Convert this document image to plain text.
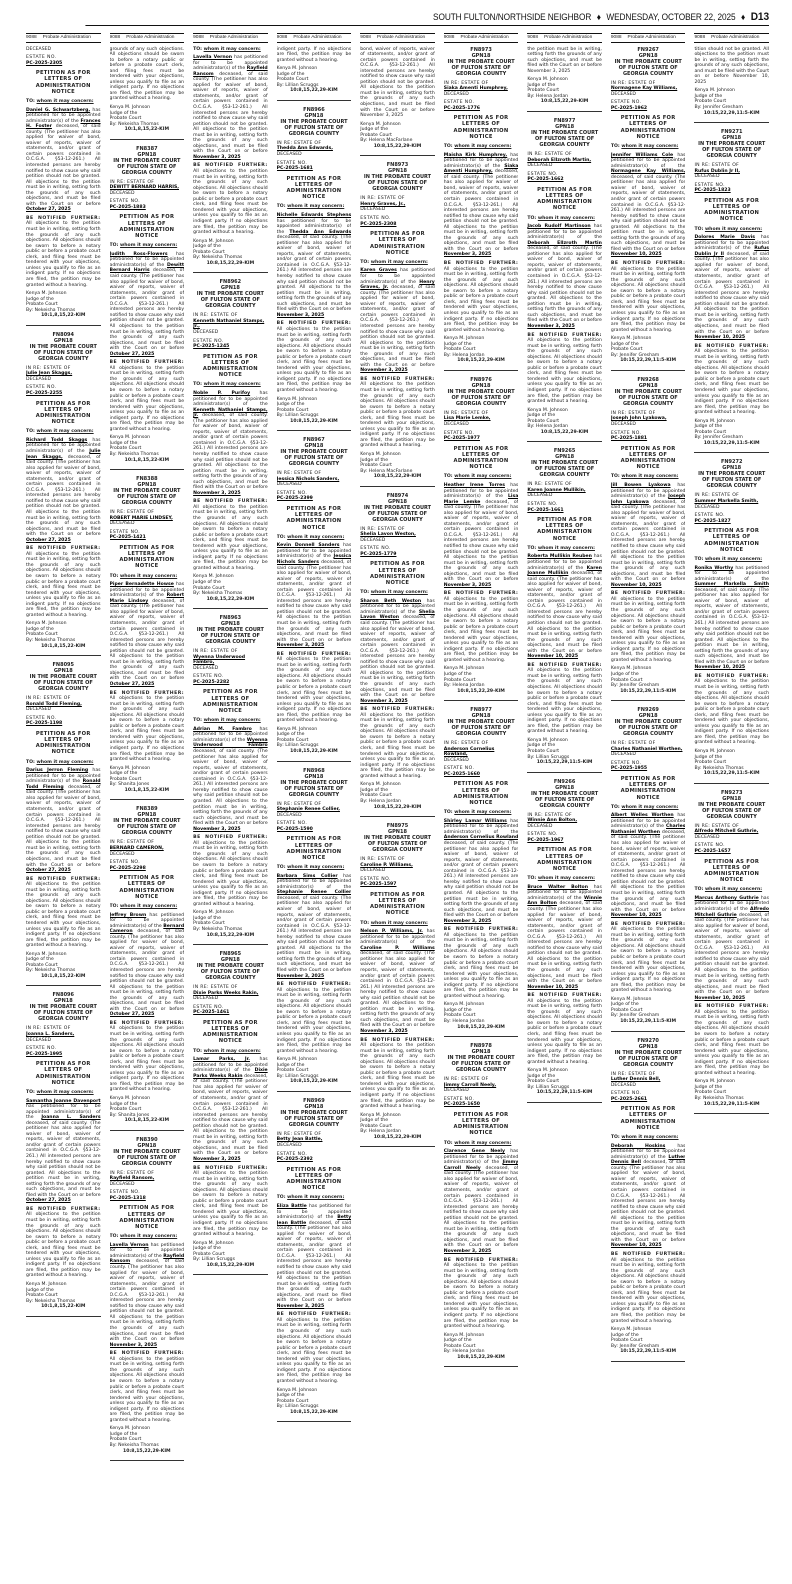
SOUTH FULTON/NORTHSIDE NEIGHBOR ♦ WEDNESDAY, OCTOBER 22, 2025 ♦ D13
9088 Probate Administration

DECEASED

ESTATE NO.
PC-2025-2305
PETITION AS FOR LETTERS OF ADMINISTRATION NOTICE

TO: whom it may concern:

Daniel G. Schwartzberg, has petitioned for to be appointed administrator(s) of the Frances H. Foster deceased, of said county. (The petitioner has also applied for waiver of bond, waiver of reports, waiver of statements, and/or grant of certain powers contained in O.C.G.A. §53-12-261.) All interested persons are hereby notified to show cause why said petition should not be granted. All objections to the petition must be in writing, setting forth the grounds of any such objections, and must be filed with the Court on or before October 27, 2025

BE NOTIFIED FURTHER: All objections to the petition must be in writing, setting forth the grounds of any such objections. All objections should be sworn to before a notary public or before a probate court clerk, and filing fees must be tendered with your objections, unless you qualify to file as an indigent party. If no objections are filed, the petition may be granted without a hearing.

Kenya M. Johnson
Judge of the
Probate Court
By: Nekeisha Thomas
10:1,8,15,22-KIM
FN8094
GPN18
IN THE PROBATE COURT OF FULTON STATE OF GEORGIA COUNTY
IN RE: ESTATE OF
Julie Jean Skaggs,
DECEASED
ESTATE NO.
PC-2025-2255
PETITION AS FOR LETTERS OF ADMINISTRATION NOTICE

TO: whom it may concern:

Richard Todd Skaggs has petitioned for to be appointed administrator(s) of the Julie Jean Skaggs, deceased, of said county. (The petitioner has also applied for waiver of bond, waiver of reports, waiver of statements, and/or grant of certain powers contained in O.C.G.A. §53-12-261.) All interested persons are hereby notified to show cause why said petition should not be granted. All objections to the petition must be in writing, setting forth the grounds of any such objections, and must be filed with the Court on or before October 27, 2025

BE NOTIFIED FURTHER: All objections to the petition must be in writing, setting forth the grounds of any such objections. All objections should be sworn to before a notary public or before a probate court clerk, and filing fees must be tendered with your objections, unless you qualify to file as an indigent party. If no objections are filed, the petition may be granted without a hearing.

Kenya M. Johnson
Judge of the
Probate Court
By: Nekeisha Thomas
10:1,8,15,22-KIM
FN8095
GPN18
IN THE PROBATE COURT OF FULTON STATE OF GEORGIA COUNTY
IN RE: ESTATE OF
Ronald Todd Fleming,
DECEASED
ESTATE NO.
PC-2025-1198
PETITION AS FOR LETTERS OF ADMINISTRATION NOTICE

TO: whom it may concern:

Darius Jerron Fleming has petitioned for to be appointed administrator(s) of the Ronald Todd Fleming deceased, of said county. (The petitioner has also applied for waiver of bond, waiver of reports, waiver of statements, and/or grant of certain powers contained in O.C.G.A. §53-12-261.) All interested persons are hereby notified to show cause why said petition should not be granted. All objections to the petition must be in writing, setting forth the grounds of any such objections, and must be filed with the Court on or before October 27, 2025

BE NOTIFIED FURTHER: All objections to the petition must be in writing, setting forth the grounds of any such objections. All objections should be sworn to before a notary public or before a probate court clerk, and filing fees must be tendered with your objections, unless you qualify to file as an indigent party. If no objections are filed, the petition may be granted without a hearing.

Kenya M. Johnson
Judge of the
Probate Court
By: Nekeisha Thomas
10:1,8,15,22-KIM
FN8096
GPN18
IN THE PROBATE COURT OF FULTON STATE OF GEORGIA COUNTY
IN RE: ESTATE OF
Joanna L. Sanders,
DECEASED
ESTATE NO.
PC-2025-1995
PETITION AS FOR LETTERS OF ADMINISTRATION NOTICE

TO: whom it may concern:

Samantha Joanne Davenport has petitioned for to be appointed administrator(s) of the Joanna L. Sanders deceased, of said county. (The petitioner has also applied for waiver of bond, waiver of reports, waiver of statements, and/or grant of certain powers contained in O.C.G.A. §53-12-261.) All interested persons are hereby notified to show cause why said petition should not be granted. All objections to the petition must be in writing, setting forth the grounds of any such objections, and must be filed with the Court on or before October 27, 2025

BE NOTIFIED FURTHER: All objections to the petition must be in writing, setting forth the grounds of any such objections. All objections should be sworn to before a notary public or before a probate court clerk, and filing fees must be tendered with your objections, unless you qualify to file as an indigent party. If no objections are filed, the petition may be granted without a hearing.

Kenya M. Johnson
Judge of the
Probate Court
By: Nekeisha Thomas
10:1,8,15,22-KIM
9088 Probate Administration

grounds of any such objections. All objections should be sworn to before a notary public or before a probate court clerk, and filing fees must be tendered with your objections, unless you qualify to file as an indigent party. If no objections are filed, the petition may be granted without a hearing.

Kenya M. Johnson
Judge of the
Probate Court
By: Nekeisha Thomas
10:1,8,15,22-KIM
FN8387
GPN18
IN THE PROBATE COURT OF FULTON STATE OF GEORGIA COUNTY
IN RE: ESTATE OF
DEWITT BERNARD HARRIS,
DECEASED
ESTATE NO.
PC-2025-1883
PETITION AS FOR LETTERS OF ADMINISTRATION NOTICE

TO: whom it may concern:

Judith Ross-Flowers has petitioned for to be appointed administrator(s) of the Dewitt Bernard Harris deceased, of said county. (The petitioner has also applied for waiver of bond, waiver of reports, waiver of statements, and/or grant of certain powers contained in O.C.G.A. §53-12-261.) All interested persons are hereby notified to show cause why said petition should not be granted. All objections to the petition must be in writing, setting forth the grounds of any such objections, and must be filed with the Court on or before October 27, 2025

BE NOTIFIED FURTHER: All objections to the petition must be in writing, setting forth the grounds of any such objections. All objections should be sworn to before a notary public or before a probate court clerk, and filing fees must be tendered with your objections, unless you qualify to file as an indigent party. If no objections are filed, the petition may be granted without a hearing.

Kenya M. Johnson
Judge of the
Probate Court
By: Nekeisha Thomas
10:1,8,15,22-KIM
FN8388
GPN18
IN THE PROBATE COURT OF FULTON STATE OF GEORGIA COUNTY
IN RE: ESTATE OF
ROBERT MARIE LINDSEY,
DECEASED
ESTATE NO.
PC-2025-1421
PETITION AS FOR LETTERS OF ADMINISTRATION NOTICE

TO: whom it may concern:

Piper Bernadette Howse has petitioned for to be appointed administrator(s) of the Robert Marie Lindsey deceased, of said county. (The petitioner has also applied for waiver of bond, waiver of reports, waiver of statements, and/or grant of certain powers contained in O.C.G.A. §53-12-261.) All interested persons are hereby notified to show cause why said petition should not be granted. All objections to the petition must be in writing, setting forth the grounds of any such objections, and must be filed with the Court on or before October 27, 2025

BE NOTIFIED FURTHER: All objections to the petition must be in writing, setting forth the grounds of any such objections. All objections should be sworn to before a notary public or before a probate court clerk, and filing fees must be tendered with your objections, unless you qualify to file as an indigent party. If no objections are filed, the petition may be granted without a hearing.

Kenya M. Johnson
Judge of the
Probate Court
By: Shanita Jones
10:1,8,15,22-KIM
FN8389
GPN18
IN THE PROBATE COURT OF FULTON STATE OF GEORGIA COUNTY
IN RE: ESTATE OF
BERNARD CAMERON,
DECEASED
ESTATE NO.
PC-2025-2298
PETITION AS FOR LETTERS OF ADMINISTRATION NOTICE

TO: whom it may concern:

Jeffrey Brown has petitioned for to be appointed administrator(s) of the Bernard Cameron deceased, of said county. (The petitioner has also applied for waiver of bond, waiver of reports, waiver of statements, and/or grant of certain powers contained in O.C.G.A. §53-12-261.) All interested persons are hereby notified to show cause why said petition should not be granted. All objections to the petition must be in writing, setting forth the grounds of any such objections, and must be filed with the Court on or before October 27, 2025

BE NOTIFIED FURTHER: All objections to the petition must be in writing, setting forth the grounds of any such objections. All objections should be sworn to before a notary public or before a probate court clerk, and filing fees must be tendered with your objections, unless you qualify to file as an indigent party. If no objections are filed, the petition may be granted without a hearing.

Kenya M. Johnson
Judge of the
Probate Court
By: Shanita Jones
10:1,8,15,22-KIM
FN8390
GPN18
IN THE PROBATE COURT OF FULTON STATE OF GEORGIA COUNTY
IN RE: ESTATE OF
Rayfield Ransom,
DECEASED
ESTATE NO.
PC-2025-1318
PETITION AS FOR LETTERS OF ADMINISTRATION NOTICE

TO: whom it may concern:

Lavella Vernon has petitioned for to be appointed administrator(s) of the Rayfield Ransom deceased, of said county. (The petitioner has also applied for waiver of bond, waiver of reports, waiver of statements, and/or grant of certain powers contained in O.C.G.A. §53-12-261.) All interested persons are hereby notified to show cause why said petition should not be granted. All objections to the petition must be in writing, setting forth the grounds of any such objections, and must be filed with the Court on or before November 3, 2025

BE NOTIFIED FURTHER: All objections to the petition must be in writing, setting forth the grounds of any such objections. All objections should be sworn to before a notary public or before a probate court clerk, and filing fees must be tendered with your objections, unless you qualify to file as an indigent party. If no objections are filed, the petition may be granted without a hearing.

Kenya M. Johnson
Judge of the
Probate Court
By: Nekeisha Thomas
10:8,15,22,29-KIM
9088 Probate Administration

TO: whom it may concern:

Lavella Vernon has petitioned for to be appointed administrator(s) of the Rayfield Ransom deceased, of said county. (The petitioner has also applied for waiver of bond, waiver of reports, waiver of statements, and/or grant of certain powers contained in O.C.G.A. §53-12-261.) All interested persons are hereby notified to show cause why said petition should not be granted. All objections to the petition must be in writing, setting forth the grounds of any such objections, and must be filed with the Court on or before November 3, 2025

BE NOTIFIED FURTHER: All objections to the petition must be in writing, setting forth the grounds of any such objections. All objections should be sworn to before a notary public or before a probate court clerk, and filing fees must be tendered with your objections, unless you qualify to file as an indigent party. If no objections are filed, the petition may be granted without a hearing.

Kenya M. Johnson
Judge of the
Probate Court
By: Nekeisha Thomas
10:8,15,22,29-KIM
FN8962
GPN18
IN THE PROBATE COURT OF FULTON STATE OF GEORGIA COUNTY
IN RE: ESTATE OF
Kenneth Nathaniel Stamps, Jr.,
DECEASED
ESTATE NO.
PC-2025-1245
PETITION AS FOR LETTERS OF ADMINISTRATION NOTICE

TO: whom it may concern:

Noble P. Purifoy has petitioned for to be appointed administrator(s) of the Kenneth Nathaniel Stamps, Jr. deceased, of said county. (The petitioner has also applied for waiver of bond, waiver of reports, waiver of statements, and/or grant of certain powers contained in O.C.G.A. §53-12-261.) All interested persons are hereby notified to show cause why said petition should not be granted. All objections to the petition must be in writing, setting forth the grounds of any such objections, and must be filed with the Court on or before November 3, 2025

BE NOTIFIED FURTHER: All objections to the petition must be in writing, setting forth the grounds of any such objections. All objections should be sworn to before a notary public or before a probate court clerk, and filing fees must be tendered with your objections, unless you qualify to file as an indigent party. If no objections are filed, the petition may be granted without a hearing.

Kenya M. Johnson
Judge of the
Probate Court
By: Nekeisha Thomas
10:8,15,22,29-KIM
FN8963
GPN18
IN THE PROBATE COURT OF FULTON STATE OF GEORGIA COUNTY
IN RE: ESTATE OF
Wyenna Underwood Fambro,
DECEASED
ESTATE NO.
PC-2025-2282
PETITION AS FOR LETTERS OF ADMINISTRATION NOTICE

TO: whom it may concern:

Adrian M. Fambro has petitioned for to be appointed administrator(s) of the Wyenna Underwood Fambro deceased, of said county. (The petitioner has also applied for waiver of bond, waiver of reports, waiver of statements, and/or grant of certain powers contained in O.C.G.A. §53-12-261.) All interested persons are hereby notified to show cause why said petition should not be granted. All objections to the petition must be in writing, setting forth the grounds of any such objections, and must be filed with the Court on or before November 3, 2025

BE NOTIFIED FURTHER: All objections to the petition must be in writing, setting forth the grounds of any such objections. All objections should be sworn to before a notary public or before a probate court clerk, and filing fees must be tendered with your objections, unless you qualify to file as an indigent party. If no objections are filed, the petition may be granted without a hearing.

Kenya M. Johnson
Judge of the
Probate Court
By: Nekeisha Thomas
10:8,15,22,29-KIM
FN8965
GPN18
IN THE PROBATE COURT OF FULTON STATE OF GEORGIA COUNTY
IN RE: ESTATE OF
Dixie Parks Weeks Rakin,
DECEASED
ESTATE NO.
PC-2025-1461
PETITION AS FOR LETTERS OF ADMINISTRATION NOTICE

TO: whom it may concern:

Lamar Parks, Jr. has petitioned for to be appointed administrator(s) of the Dixie Parks Weeks Rakin deceased, of said county. (The petitioner has also applied for waiver of bond, waiver of reports, waiver of statements, and/or grant of certain powers contained in O.C.G.A. §53-12-261.) All interested persons are hereby notified to show cause why said petition should not be granted. All objections to the petition must be in writing, setting forth the grounds of any such objections, and must be filed with the Court on or before November 3, 2025

BE NOTIFIED FURTHER: All objections to the petition must be in writing, setting forth the grounds of any such objections. All objections should be sworn to before a notary public or before a probate court clerk, and filing fees must be tendered with your objections, unless you qualify to file as an indigent party. If no objections are filed, the petition may be granted without a hearing.

Kenya M. Johnson
Judge of the
Probate Court
By: Lillian Scruggs
10:8,15,22,29-KIM
9088 Probate Administration

indigent party. If no objections are filed, the petition may be granted without a hearing.

Kenya M. Johnson
Judge of the
Probate Court
By: Lillian Scruggs
10:8,15,22,29-KIM
FN8966
GPN18
IN THE PROBATE COURT OF FULTON STATE OF GEORGIA COUNTY
IN RE: ESTATE OF
Thedda Ann Edwards,
DECEASED
ESTATE NO.
PC-2025-1681
PETITION AS FOR LETTERS OF ADMINISTRATION NOTICE

TO: whom it may concern:

Nichelle Edwards Stephens has petitioned for to be appointed administrator(s) of the Thedda Ann Edwards deceased, of said county. (The petitioner has also applied for waiver of bond, waiver of reports, waiver of statements, and/or grant of certain powers contained in O.C.G.A. §53-12-261.) All interested persons are hereby notified to show cause why said petition should not be granted. All objections to the petition must be in writing, setting forth the grounds of any such objections, and must be filed with the Court on or before November 3, 2025

BE NOTIFIED FURTHER: All objections to the petition must be in writing, setting forth the grounds of any such objections. All objections should be sworn to before a notary public or before a probate court clerk, and filing fees must be tendered with your objections, unless you qualify to file as an indigent party. If no objections are filed, the petition may be granted without a hearing.

Kenya M. Johnson
Judge of the
Probate Court
By: Lillian Scruggs
10:8,15,22,29-KIM
FN8967
GPN18
IN THE PROBATE COURT OF FULTON STATE OF GEORGIA COUNTY
IN RE: ESTATE OF
Jessica Nichols Sanders,
DECEASED
ESTATE NO.
PC-2025-2399
PETITION AS FOR LETTERS OF ADMINISTRATION NOTICE

TO: whom it may concern:

Kevin Donnell Sanders has petitioned for to be appointed administrator(s) of the Jessica Nichols Sanders deceased, of said county. (The petitioner has also applied for waiver of bond, waiver of reports, waiver of statements, and/or grant of certain powers contained in O.C.G.A. §53-12-261.) All interested persons are hereby notified to show cause why said petition should not be granted. All objections to the petition must be in writing, setting forth the grounds of any such objections, and must be filed with the Court on or before November 3, 2025

BE NOTIFIED FURTHER: All objections to the petition must be in writing, setting forth the grounds of any such objections. All objections should be sworn to before a notary public or before a probate court clerk, and filing fees must be tendered with your objections, unless you qualify to file as an indigent party. If no objections are filed, the petition may be granted without a hearing.

Kenya M. Johnson
Judge of the
Probate Court
By: Lillian Scruggs
10:8,15,22,29-KIM
FN8968
GPN18
IN THE PROBATE COURT OF FULTON STATE OF GEORGIA COUNTY
IN RE: ESTATE OF
Stephanie Renee Collier,
DECEASED
ESTATE NO.
PC-2025-1590
PETITION AS FOR LETTERS OF ADMINISTRATION NOTICE

TO: whom it may concern:

Barbara Sims Collier has petitioned for to be appointed administrator(s) of the Stephanie Renee Collier deceased, of said county. (The petitioner has also applied for waiver of bond, waiver of reports, waiver of statements, and/or grant of certain powers contained in O.C.G.A. §53-12-261.) All interested persons are hereby notified to show cause why said petition should not be granted. All objections to the petition must be in writing, setting forth the grounds of any such objections, and must be filed with the Court on or before November 3, 2025

BE NOTIFIED FURTHER: All objections to the petition must be in writing, setting forth the grounds of any such objections. All objections should be sworn to before a notary public or before a probate court clerk, and filing fees must be tendered with your objections, unless you qualify to file as an indigent party. If no objections are filed, the petition may be granted without a hearing.

Kenya M. Johnson
Judge of the
Probate Court
By: Lillian Scruggs
10:8,15,22,29-KIM
FN8969
GPN18
IN THE PROBATE COURT OF FULTON STATE OF GEORGIA COUNTY
IN RE: ESTATE OF
Betty Jean Battle,
DECEASED
ESTATE NO.
PC-2025-2392
PETITION AS FOR LETTERS OF ADMINISTRATION NOTICE

TO: whom it may concern:

Eliza Battle has petitioned for to be appointed administrator(s) of the Betty Jean Battle deceased, of said county. (The petitioner has also applied for waiver of bond, waiver of reports, waiver of statements, and/or grant of certain powers contained in O.C.G.A. §53-12-261.) All interested persons are hereby notified to show cause why said petition should not be granted. All objections to the petition must be in writing, setting forth the grounds of any such objections, and must be filed with the Court on or before November 3, 2025

BE NOTIFIED FURTHER: All objections to the petition must be in writing, setting forth the grounds of any such objections. All objections should be sworn to before a notary public or before a probate court clerk, and filing fees must be tendered with your objections, unless you qualify to file as an indigent party. If no objections are filed, the petition may be granted without a hearing.

Kenya M. Johnson
Judge of the
Probate Court
By: Lillian Scruggs
10:8,15,22,29-KIM
9088 Probate Administration

bond, waiver of reports, waiver of statements, and/or grant of certain powers contained in O.C.G.A. §53-12-261.) All interested persons are hereby notified to show cause why said petition should not be granted. All objections to the petition must be in writing, setting forth the grounds of any such objections, and must be filed with the Court on or before November 3, 2025

Kenya M. Johnson
Judge of the
Probate Court
By: Helena MacFarlane
10:8,15,22,29-KIM
FN8973
GPN18
IN THE PROBATE COURT OF FULTON STATE OF GEORGIA COUNTY
IN RE: ESTATE OF
Henry Graves, Jr.,
DECEASED
ESTATE NO.
PC-2025-2308
PETITION AS FOR LETTERS OF ADMINISTRATION NOTICE

TO: whom it may concern:

Karen Graves has petitioned for to be appointed administrator(s) of the Henry Graves, Jr. deceased, of said county. (The petitioner has also applied for waiver of bond, waiver of reports, waiver of statements, and/or grant of certain powers contained in O.C.G.A. §53-12-261.) All interested persons are hereby notified to show cause why said petition should not be granted. All objections to the petition must be in writing, setting forth the grounds of any such objections, and must be filed with the Court on or before November 3, 2025

BE NOTIFIED FURTHER: All objections to the petition must be in writing, setting forth the grounds of any such objections. All objections should be sworn to before a notary public or before a probate court clerk, and filing fees must be tendered with your objections, unless you qualify to file as an indigent party. If no objections are filed, the petition may be granted without a hearing.

Kenya M. Johnson
Judge of the
Probate Court
By: Helena MacFarlane
10:8,15,22,29-KIM
FN8974
GPN18
IN THE PROBATE COURT OF FULTON STATE OF GEORGIA COUNTY
IN RE: ESTATE OF
Shelia Lavon Weston,
DECEASED
ESTATE NO.
PC-2025-1779
PETITION AS FOR LETTERS OF ADMINISTRATION NOTICE

TO: whom it may concern:

Sharon Beth Weston has petitioned for to be appointed administrator(s) of the Shelia Lavon Weston deceased, of said county. (The petitioner has also applied for waiver of bond, waiver of reports, waiver of statements, and/or grant of certain powers contained in O.C.G.A. §53-12-261.) All interested persons are hereby notified to show cause why said petition should not be granted. All objections to the petition must be in writing, setting forth the grounds of any such objections, and must be filed with the Court on or before November 3, 2025

BE NOTIFIED FURTHER: All objections to the petition must be in writing, setting forth the grounds of any such objections. All objections should be sworn to before a notary public or before a probate court clerk, and filing fees must be tendered with your objections, unless you qualify to file as an indigent party. If no objections are filed, the petition may be granted without a hearing.

Kenya M. Johnson
Judge of the
Probate Court
By: Helena Jordan
10:8,15,22,29-KIM
FN8975
GPN18
IN THE PROBATE COURT OF FULTON STATE OF GEORGIA COUNTY
IN RE: ESTATE OF
Caroline P. Williams,
DECEASED
ESTATE NO.
PC-2025-1597
PETITION AS FOR LETTERS OF ADMINISTRATION NOTICE

TO: whom it may concern:

Nelson P. Williams, Jr. has petitioned for to be appointed administrator(s) of the Caroline P. Williams deceased, of said county. (The petitioner has also applied for waiver of bond, waiver of reports, waiver of statements, and/or grant of certain powers contained in O.C.G.A. §53-12-261.) All interested persons are hereby notified to show cause why said petition should not be granted. All objections to the petition must be in writing, setting forth the grounds of any such objections, and must be filed with the Court on or before November 3, 2025

BE NOTIFIED FURTHER: All objections to the petition must be in writing, setting forth the grounds of any such objections. All objections should be sworn to before a notary public or before a probate court clerk, and filing fees must be tendered with your objections, unless you qualify to file as an indigent party. If no objections are filed, the petition may be granted without a hearing.

Kenya M. Johnson
Judge of the
Probate Court
By: Helena Jordan
10:8,15,22,29-KIM
9088 Probate Administration
FN8973
GPN18
IN THE PROBATE COURT OF FULTON STATE OF GEORGIA COUNTY
IN RE: ESTATE OF
Siaka Amenti Humphrey,
DECEASED
ESTATE NO.
PC-2025-1776
PETITION AS FOR LETTERS OF ADMINISTRATION NOTICE

TO: whom it may concern:

Maisha Kirk Humphrey, has petitioned for to be appointed administrator(s) of the Siaka Amenti Humphrey, deceased, of said county. (The petitioner has also applied for waiver of bond, waiver of reports, waiver of statements, and/or grant of certain powers contained in O.C.G.A. §53-12-261.) All interested persons are hereby notified to show cause why said petition should not be granted. All objections to the petition must be in writing, setting forth the grounds of any such objections, and must be filed with the Court on or before November 3, 2025

BE NOTIFIED FURTHER: All objections to the petition must be in writing, setting forth the grounds of any such objections. All objections should be sworn to before a notary public or before a probate court clerk, and filing fees must be tendered with your objections, unless you qualify to file as an indigent party. If no objections are filed, the petition may be granted without a hearing.

Kenya M. Johnson
Judge of the
Probate Court
By: Helena Jordan
10:8,15,22,29-KIM
FN8976
GPN18
IN THE PROBATE COURT OF FULTON STATE OF GEORGIA COUNTY
IN RE: ESTATE OF
Lisa Marie Lemke,
DECEASED
ESTATE NO.
PC-2025-1977
PETITION AS FOR LETTERS OF ADMINISTRATION NOTICE

TO: whom it may concern:

Heather Irene Torres has petitioned for to be appointed administrator(s) of the Lisa Marie Lemke deceased, of said county. (The petitioner has also applied for waiver of bond, waiver of reports, waiver of statements, and/or grant of certain powers contained in O.C.G.A. §53-12-261.) All interested persons are hereby notified to show cause why said petition should not be granted. All objections to the petition must be in writing, setting forth the grounds of any such objections, and must be filed with the Court on or before November 3, 2025

BE NOTIFIED FURTHER: All objections to the petition must be in writing, setting forth the grounds of any such objections. All objections should be sworn to before a notary public or before a probate court clerk, and filing fees must be tendered with your objections, unless you qualify to file as an indigent party. If no objections are filed, the petition may be granted without a hearing.

Kenya M. Johnson
Judge of the
Probate Court
By: Helena Jordan
10:8,15,22,29-KIM
FN8977
GPN18
IN THE PROBATE COURT OF FULTON STATE OF GEORGIA COUNTY
IN RE: ESTATE OF
Anderson Cornelius Rowland,
DECEASED
ESTATE NO.
PC-2025-1660
PETITION AS FOR LETTERS OF ADMINISTRATION NOTICE

TO: whom it may concern:

Shirley Lamar Williams has petitioned for to be appointed administrator(s) of the Anderson Cornelius Rowland deceased, of said county. (The petitioner has also applied for waiver of bond, waiver of reports, waiver of statements, and/or grant of certain powers contained in O.C.G.A. §53-12-261.) All interested persons are hereby notified to show cause why said petition should not be granted. All objections to the petition must be in writing, setting forth the grounds of any such objections, and must be filed with the Court on or before November 3, 2025

BE NOTIFIED FURTHER: All objections to the petition must be in writing, setting forth the grounds of any such objections. All objections should be sworn to before a notary public or before a probate court clerk, and filing fees must be tendered with your objections, unless you qualify to file as an indigent party. If no objections are filed, the petition may be granted without a hearing.

Kenya M. Johnson
Judge of the
Probate Court
By: Helena Jordan
10:8,15,22,29-KIM
FN8978
GPN18
IN THE PROBATE COURT OF FULTON STATE OF GEORGIA COUNTY
IN RE: ESTATE OF
Jimmy Carroll Neely,
DECEASED
ESTATE NO.
PC-2025-1650
PETITION AS FOR LETTERS OF ADMINISTRATION NOTICE

TO: whom it may concern:

Clarence Gene Neely has petitioned for to be appointed administrator(s) of the Jimmy Carroll Neely deceased, of said county. (The petitioner has also applied for waiver of bond, waiver of reports, waiver of statements, and/or grant of certain powers contained in O.C.G.A. §53-12-261.) All interested persons are hereby notified to show cause why said petition should not be granted. All objections to the petition must be in writing, setting forth the grounds of any such objections, and must be filed with the Court on or before November 3, 2025

BE NOTIFIED FURTHER: All objections to the petition must be in writing, setting forth the grounds of any such objections. All objections should be sworn to before a notary public or before a probate court clerk, and filing fees must be tendered with your objections, unless you qualify to file as an indigent party. If no objections are filed, the petition may be granted without a hearing.

Kenya M. Johnson
Judge of the
Probate Court
By: Helena Jordan
10:8,15,22,29-KIM
9088 Probate Administration

the petition must be in writing, setting forth the grounds of any such objections, and must be filed with the Court on or before November 3, 2025

Kenya M. Johnson
Judge of the
Probate Court
By: Helena Jordan
10:8,15,22,29-KIM
FN8977
GPN18
IN THE PROBATE COURT OF FULTON STATE OF GEORGIA COUNTY
IN RE: ESTATE OF
Deborah Ellzroth Martin,
DECEASED
ESTATE NO.
PC-2025-1662
PETITION AS FOR LETTERS OF ADMINISTRATION NOTICE

TO: whom it may concern:

Jacob Rudolf Martinson has petitioned for to be appointed administrator(s) of the Deborah Ellzroth Martin deceased, of said county. (The petitioner has also applied for waiver of bond, waiver of reports, waiver of statements, and/or grant of certain powers contained in O.C.G.A. §53-12-261.) All interested persons are hereby notified to show cause why said petition should not be granted. All objections to the petition must be in writing, setting forth the grounds of any such objections, and must be filed with the Court on or before November 3, 2025

BE NOTIFIED FURTHER: All objections to the petition must be in writing, setting forth the grounds of any such objections. All objections should be sworn to before a notary public or before a probate court clerk, and filing fees must be tendered with your objections, unless you qualify to file as an indigent party. If no objections are filed, the petition may be granted without a hearing.

Kenya M. Johnson
Judge of the
Probate Court
By: Helena Jordan
10:8,15,22,29-KIM
FN9265
GPN18
IN THE PROBATE COURT OF FULTON STATE OF GEORGIA COUNTY
IN RE: ESTATE OF
Karen Joanne Mullikin,
DECEASED
ESTATE NO.
PC-2025-1661
PETITION AS FOR LETTERS OF ADMINISTRATION NOTICE

TO: whom it may concern:

Roberta Mullikin Reuben has petitioned for to be appointed administrator(s) of the Karen Joanne Mullikin deceased, of said county. (The petitioner has also applied for waiver of bond, waiver of reports, waiver of statements, and/or grant of certain powers contained in O.C.G.A. §53-12-261.) All interested persons are hereby notified to show cause why said petition should not be granted. All objections to the petition must be in writing, setting forth the grounds of any such objections, and must be filed with the Court on or before November 10, 2025

BE NOTIFIED FURTHER: All objections to the petition must be in writing, setting forth the grounds of any such objections. All objections should be sworn to before a notary public or before a probate court clerk, and filing fees must be tendered with your objections, unless you qualify to file as an indigent party. If no objections are filed, the petition may be granted without a hearing.

Kenya M. Johnson
Judge of the
Probate Court
By: Lillian Scruggs
10:15,22,29,11:5-KIM
FN9266
GPN18
IN THE PROBATE COURT OF FULTON STATE OF GEORGIA COUNTY
IN RE: ESTATE OF
Winnie Ann Bolton,
DECEASED
ESTATE NO.
PC-2025-1967
PETITION AS FOR LETTERS OF ADMINISTRATION NOTICE

TO: whom it may concern:

Bruce Walter Bolton has petitioned for to be appointed administrator(s) of the Winnie Ann Bolton deceased, of said county. (The petitioner has also applied for waiver of bond, waiver of reports, waiver of statements, and/or grant of certain powers contained in O.C.G.A. §53-12-261.) All interested persons are hereby notified to show cause why said petition should not be granted. All objections to the petition must be in writing, setting forth the grounds of any such objections, and must be filed with the Court on or before November 10, 2025

BE NOTIFIED FURTHER: All objections to the petition must be in writing, setting forth the grounds of any such objections. All objections should be sworn to before a notary public or before a probate court clerk, and filing fees must be tendered with your objections, unless you qualify to file as an indigent party. If no objections are filed, the petition may be granted without a hearing.

Kenya M. Johnson
Judge of the
Probate Court
By: Lillian Scruggs
10:15,22,29,11:5-KIM
9088 Probate Administration
FN9267
GPN18
IN THE PROBATE COURT OF FULTON STATE OF GEORGIA COUNTY
IN RE: ESTATE OF
Normagene Kay Williams,
DECEASED
ESTATE NO.
PC-2025-1962
PETITION AS FOR LETTERS OF ADMINISTRATION NOTICE

TO: whom it may concern:

Jennifer Williams Cole has petitioned for to be appointed administrator(s) of the Normagene Kay Williams, deceased, of said county. (The petitioner has also applied for waiver of bond, waiver of reports, waiver of statements, and/or grant of certain powers contained in O.C.G.A. §53-12-261.) All interested persons are hereby notified to show cause why said petition should not be granted. All objections to the petition must be in writing, setting forth the grounds of any such objections, and must be filed with the Court on or before November 10, 2025

BE NOTIFIED FURTHER: All objections to the petition must be in writing, setting forth the grounds of any such objections. All objections should be sworn to before a notary public or before a probate court clerk, and filing fees must be tendered with your objections, unless you qualify to file as an indigent party. If no objections are filed, the petition may be granted without a hearing.

Kenya M. Johnson
Judge of the
Probate Court
By: Jennifer Gresham
10:15,22,29,11:5-KIM
FN9268
GPN18
IN THE PROBATE COURT OF FULTON STATE OF GEORGIA COUNTY
IN RE: ESTATE OF
Joseph John Lyakowa,
DECEASED
ESTATE NO.
PC-2025-1881
PETITION AS FOR LETTERS OF ADMINISTRATION NOTICE

TO: whom it may concern:

Jill Bowen Lyakowa has petitioned for to be appointed administrator(s) of the Joseph John Lyakowa deceased, of said county. (The petitioner has also applied for waiver of bond, waiver of reports, waiver of statements, and/or grant of certain powers contained in O.C.G.A. §53-12-261.) All interested persons are hereby notified to show cause why said petition should not be granted. All objections to the petition must be in writing, setting forth the grounds of any such objections, and must be filed with the Court on or before November 10, 2025

BE NOTIFIED FURTHER: All objections to the petition must be in writing, setting forth the grounds of any such objections. All objections should be sworn to before a notary public or before a probate court clerk, and filing fees must be tendered with your objections, unless you qualify to file as an indigent party. If no objections are filed, the petition may be granted without a hearing.

Kenya M. Johnson
Judge of the
Probate Court
By: Jennifer Gresham
10:15,22,29,11:5-KIM
FN9269
GPN18
IN THE PROBATE COURT OF FULTON STATE OF GEORGIA COUNTY
IN RE: ESTATE OF
Charles Nathaniel Worthen,
DECEASED
ESTATE NO.
PC-2025-1955
PETITION AS FOR LETTERS OF ADMINISTRATION NOTICE

TO: whom it may concern:

Albert Welles Worthen has petitioned for to be appointed administrator(s) of the Charles Nathaniel Worthen deceased, of said county. (The petitioner has also applied for waiver of bond, waiver of reports, waiver of statements, and/or grant of certain powers contained in O.C.G.A. §53-12-261.) All interested persons are hereby notified to show cause why said petition should not be granted. All objections to the petition must be in writing, setting forth the grounds of any such objections, and must be filed with the Court on or before November 10, 2025

BE NOTIFIED FURTHER: All objections to the petition must be in writing, setting forth the grounds of any such objections. All objections should be sworn to before a notary public or before a probate court clerk, and filing fees must be tendered with your objections, unless you qualify to file as an indigent party. If no objections are filed, the petition may be granted without a hearing.

Kenya M. Johnson
Judge of the
Probate Court
By: Jennifer Gresham
10:15,22,29,11:5-KIM
FN9270
GPN18
IN THE PROBATE COURT OF FULTON STATE OF GEORGIA COUNTY
IN RE: ESTATE OF
Luther Dennis Bell,
DECEASED
ESTATE NO.
PC-2025-2661
PETITION AS FOR LETTERS OF ADMINISTRATION NOTICE

TO: whom it may concern:

Deborah Hoskins	has petitioned for to be appointed administrator(s) of the Luther Dennis Bell deceased, of said county. (The petitioner has also applied for waiver of bond, waiver of reports, waiver of statements, and/or grant of certain powers contained in O.C.G.A. §53-12-261.) All interested persons are hereby notified to show cause why said petition should not be granted. All objections to the petition must be in writing, setting forth the grounds of any such objections, and must be filed with the Court on or before November 10, 2025

BE NOTIFIED FURTHER: All objections to the petition must be in writing, setting forth the grounds of any such objections. All objections should be sworn to before a notary public or before a probate court clerk, and filing fees must be tendered with your objections, unless you qualify to file as an indigent party. If no objections are filed, the petition may be granted without a hearing.

Kenya M. Johnson
Judge of the
Probate Court
By: Jennifer Gresham
10:15,22,29,11:5-KIM
9088 Probate Administration

tition should not be granted. All objections to the petition must be in writing, setting forth the grounds of any such objections, and must be filed with the Court on or before November 10, 2025

Kenya M. Johnson
Judge of the
Probate Court
By: Jennifer Gresham
10:15,22,29,11:5-KIM
FN9271
GPN18
IN THE PROBATE COURT OF FULTON STATE OF GEORGIA COUNTY
IN RE: ESTATE OF
Rufus Dublin Jr II,
DECEASED
ESTATE NO.
PC-2025-1823
PETITION AS FOR LETTERS OF ADMINISTRATION NOTICE

TO: whom it may concern:

Dolores Marie Davis has petitioned for to be appointed administrator(s) of the Rufus Dublin Jr II deceased, of said county. (The petitioner has also applied for waiver of bond, waiver of reports, waiver of statements, and/or grant of certain powers contained in O.C.G.A. §53-12-261.) All interested persons are hereby notified to show cause why said petition should not be granted. All objections to the petition must be in writing, setting forth the grounds of any such objections, and must be filed with the Court on or before November 10, 2025

BE NOTIFIED FURTHER: All objections to the petition must be in writing, setting forth the grounds of any such objections. All objections should be sworn to before a notary public or before a probate court clerk, and filing fees must be tendered with your objections, unless you qualify to file as an indigent party. If no objections are filed, the petition may be granted without a hearing.

Kenya M. Johnson
Judge of the
Probate Court
By: Jennifer Gresham
10:15,22,29,11:5-KIM
FN9272
GPN18
IN THE PROBATE COURT OF FULTON STATE OF GEORGIA COUNTY
IN RE: ESTATE OF
Summer Markella Smith,
DECEASED
ESTATE NO.
PC-2025-1827
PETITION AS FOR LETTERS OF ADMINISTRATION NOTICE

TO: whom it may concern:

Ronika Worthy has petitioned for to be appointed administrator(s) of the Summer Markella Smith deceased, of said county. (The petitioner has also applied for waiver of bond, waiver of reports, waiver of statements, and/or grant of certain powers contained in O.C.G.A. §53-12-261.) All interested persons are hereby notified to show cause why said petition should not be granted. All objections to the petition must be in writing, setting forth the grounds of any such objections, and must be filed with the Court on or before November 10, 2025

BE NOTIFIED FURTHER: All objections to the petition must be in writing, setting forth the grounds of any such objections. All objections should be sworn to before a notary public or before a probate court clerk, and filing fees must be tendered with your objections, unless you qualify to file as an indigent party. If no objections are filed, the petition may be granted without a hearing.

Kenya M. Johnson
Judge of the
Probate Court
By: Nekeisha Thomas
10:15,22,29,11:5-KIM
FN9273
GPN18
IN THE PROBATE COURT OF FULTON STATE OF GEORGIA COUNTY
IN RE: ESTATE OF
Alfredo Mitchell Guthrie,
DECEASED
ESTATE NO.
PC-2025-1657
PETITION AS FOR LETTERS OF ADMINISTRATION NOTICE

TO: whom it may concern:

Marcus Anthony Guthrie has petitioned for to be appointed administrator(s) of the Alfredo Mitchell Guthrie deceased, of said county. (The petitioner has also applied for waiver of bond, waiver of reports, waiver of statements, and/or grant of certain powers contained in O.C.G.A. §53-12-261.) All interested persons are hereby notified to show cause why said petition should not be granted. All objections to the petition must be in writing, setting forth the grounds of any such objections, and must be filed with the Court on or before November 10, 2025

BE NOTIFIED FURTHER: All objections to the petition must be in writing, setting forth the grounds of any such objections. All objections should be sworn to before a notary public or before a probate court clerk, and filing fees must be tendered with your objections, unless you qualify to file as an indigent party. If no objections are filed, the petition may be granted without a hearing.

Kenya M. Johnson
Judge of the
Probate Court
By: Nekeisha Thomas
10:15,22,29,11:5-KIM
